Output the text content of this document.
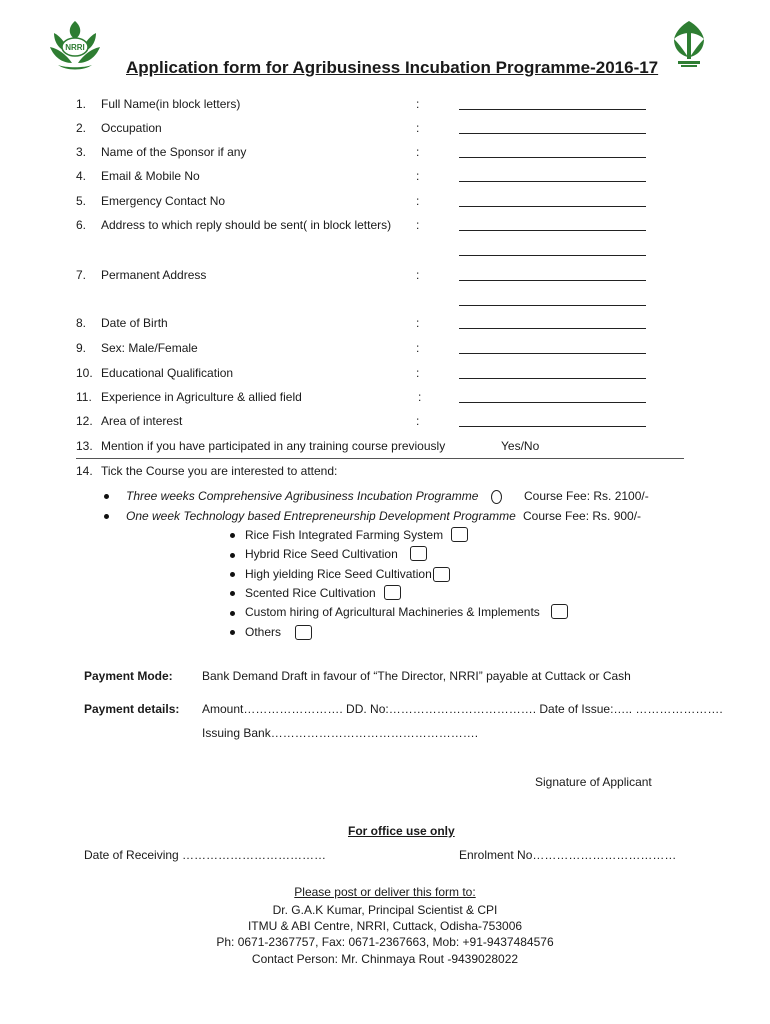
NRRI
Application form for Agribusiness Incubation Programme-2016-17
1. Full Name(in block letters)	:
2. Occupation	:
3. Name of the Sponsor if any	:
4. Email & Mobile No	:
5. Emergency Contact No	:
6. Address to which reply should be sent( in block letters) :
7. Permanent Address	:
8. Date of Birth	:
9. Sex: Male/Female	:
10. Educational Qualification	:
11. Experience in Agriculture & allied field	:
12. Area of interest	:
13. Mention if you have participated in any training course previously	Yes/No
14. Tick the Course you are interested to attend:
Three weeks Comprehensive Agribusiness Incubation Programme	Course Fee: Rs. 2100/-
One week Technology based Entrepreneurship Development Programme Course Fee: Rs. 900/-
Rice Fish Integrated Farming System
Hybrid Rice Seed Cultivation
High yielding Rice Seed Cultivation
Scented Rice Cultivation
Custom hiring of Agricultural Machineries & Implements
Others
Payment Mode: Bank Demand Draft in favour of “The Director, NRRI” payable at Cuttack or Cash
Payment details: Amount……………………. DD. No:………………………………. Date of Issue:….. ………………….
Issuing Bank…………………………………………….
Signature of Applicant
For office use only
Date of Receiving ………………………………	Enrolment No………………………………
Please post or deliver this form to:
Dr. G.A.K Kumar, Principal Scientist & CPI
ITMU & ABI Centre, NRRI, Cuttack, Odisha-753006
Ph: 0671-2367757, Fax: 0671-2367663, Mob: +91-9437484576
Contact Person: Mr. Chinmaya Rout -9439028022
